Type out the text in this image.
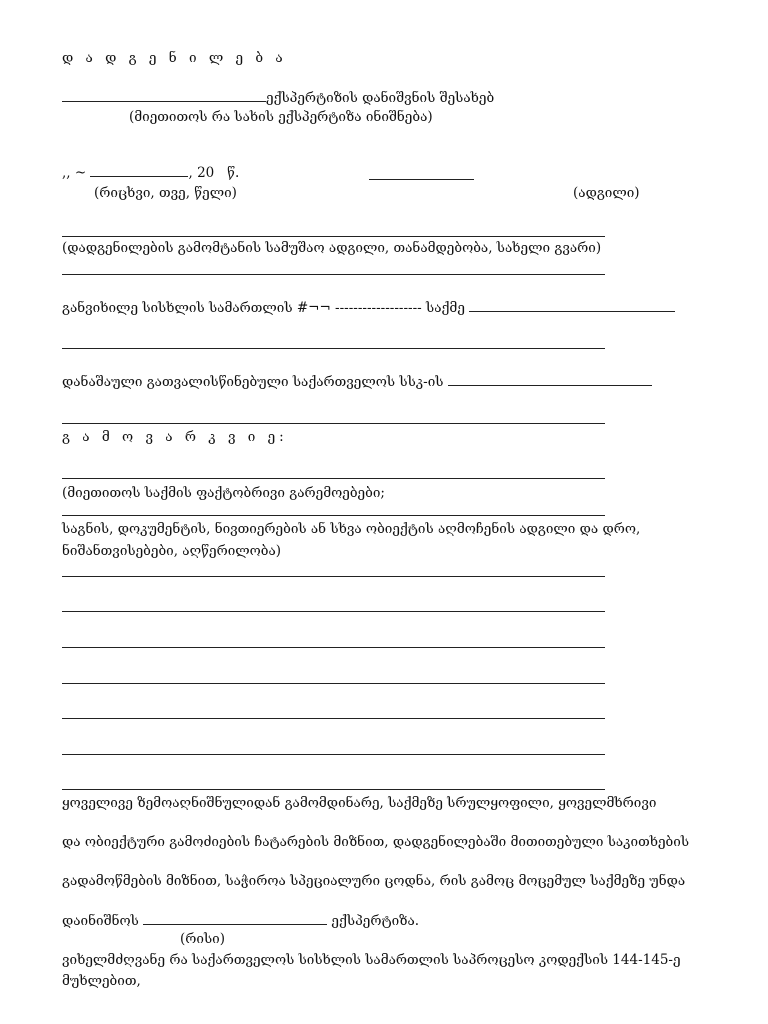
დ ა დ გ ე ნ ი ლ ე ბ ა
ექსპერტიზის დანიშვნის შესახებ
(მიეთითოს რა სახის ექსპერტიზა ინიშნება)
,, ~	, 20 წ.
(რიცხვი, თვე, წელი)	(ადგილი)
(დადგენილების გამომტანის სამუშაო ადგილი, თანამდებობა, სახელი გვარი)
განვიხილე სისხლის სამართლის #¬¬ ------------------- საქმე
დანაშაული გათვალისწინებული საქართველოს სსკ-ის
გ ა მ ო ვ ა რ კ ვ ი ე:
(მიეთითოს საქმის ფაქტობრივი გარემოებები;
საგნის, დოკუმენტის, ნივთიერების ან სხვა ობიექტის აღმოჩენის ადგილი და დრო,
ნიშანთვისებები, აღწერილობა)
ყოველივე ზემოაღნიშნულიდან გამომდინარე, საქმეზე სრულყოფილი, ყოველმხრივი
და ობიექტური გამოძიების ჩატარების მიზნით, დადგენილებაში მითითებული საკითხების
გადამოწმების მიზნით, საჭიროა სპეციალური ცოდნა, რის გამოც მოცემულ საქმეზე უნდა
დაინიშნოს	ექსპერტიზა.
(რისი)
ვიხელმძღვანე რა საქართველოს სისხლის სამართლის საპროცესო კოდექსის 144-145-ე
მუხლებით,
